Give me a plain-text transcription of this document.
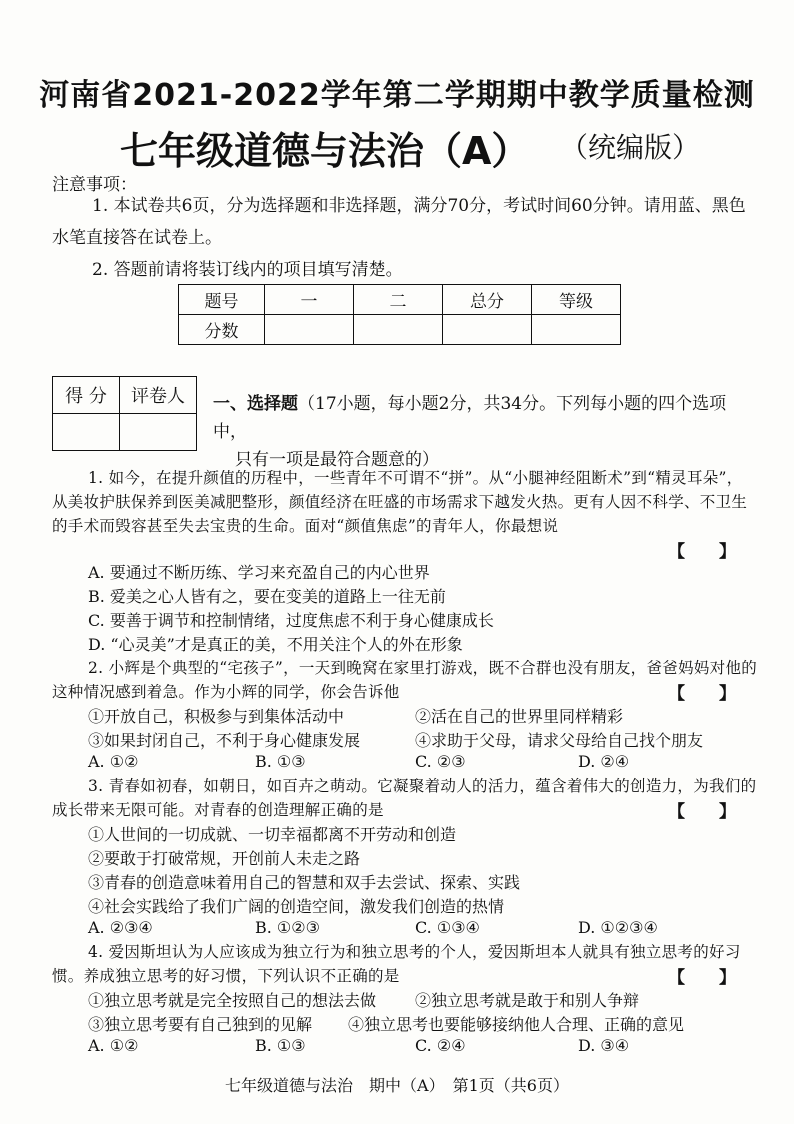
河南省2021-2022学年第二学期期中教学质量检测
七年级道德与法治（A） （统编版）
注意事项：
1. 本试卷共6页，分为选择题和非选择题，满分70分，考试时间60分钟。请用蓝、黑色水笔直接答在试卷上。
2. 答题前请将装订线内的项目填写清楚。
题号	一	二	总分	等级
分数				
得 分	评卷人
	一、选择题（17小题，每小题2分，共34分。下列每小题的四个选项中，
只有一项是最符合题意的）
1. 如今，在提升颜值的历程中，一些青年不可谓不“拼”。从“小腿神经阻断术”到“精灵耳朵”，从美妆护肤保养到医美减肥整形，颜值经济在旺盛的市场需求下越发火热。更有人因不科学、不卫生的手术而毁容甚至失去宝贵的生命。面对“颜值焦虑”的青年人，你最想说
【　　】
A. 要通过不断历练、学习来充盈自己的内心世界
B. 爱美之心人皆有之，要在变美的道路上一往无前
C. 要善于调节和控制情绪，过度焦虑不利于身心健康成长
D. “心灵美”才是真正的美，不用关注个人的外在形象
2. 小辉是个典型的“宅孩子”，一天到晚窝在家里打游戏，既不合群也没有朋友，爸爸妈妈对他的这种情况感到着急。作为小辉的同学，你会告诉他	【　　】
①开放自己，积极参与到集体活动中	②活在自己的世界里同样精彩
③如果封闭自己，不利于身心健康发展	④求助于父母，请求父母给自己找个朋友
A. ①②	B. ①③	C. ②③	D. ②④
3. 青春如初春，如朝日，如百卉之萌动。它凝聚着动人的活力，蕴含着伟大的创造力，为我们的成长带来无限可能。对青春的创造理解正确的是	【　　】
①人世间的一切成就、一切幸福都离不开劳动和创造
②要敢于打破常规，开创前人未走之路
③青春的创造意味着用自己的智慧和双手去尝试、探索、实践
④社会实践给了我们广阔的创造空间，激发我们创造的热情
A. ②③④	B. ①②③	C. ①③④	D. ①②③④
4. 爱因斯坦认为人应该成为独立行为和独立思考的个人，爱因斯坦本人就具有独立思考的好习惯。养成独立思考的好习惯，下列认识不正确的是	【　　】
①独立思考就是完全按照自己的想法去做 ②独立思考就是敢于和别人争辩
③独立思考要有自己独到的见解 ④独立思考也要能够接纳他人合理、正确的意见
A. ①②	B. ①③	C. ②④	D. ③④
七年级道德与法治　期中（A）　第1页（共6页）
